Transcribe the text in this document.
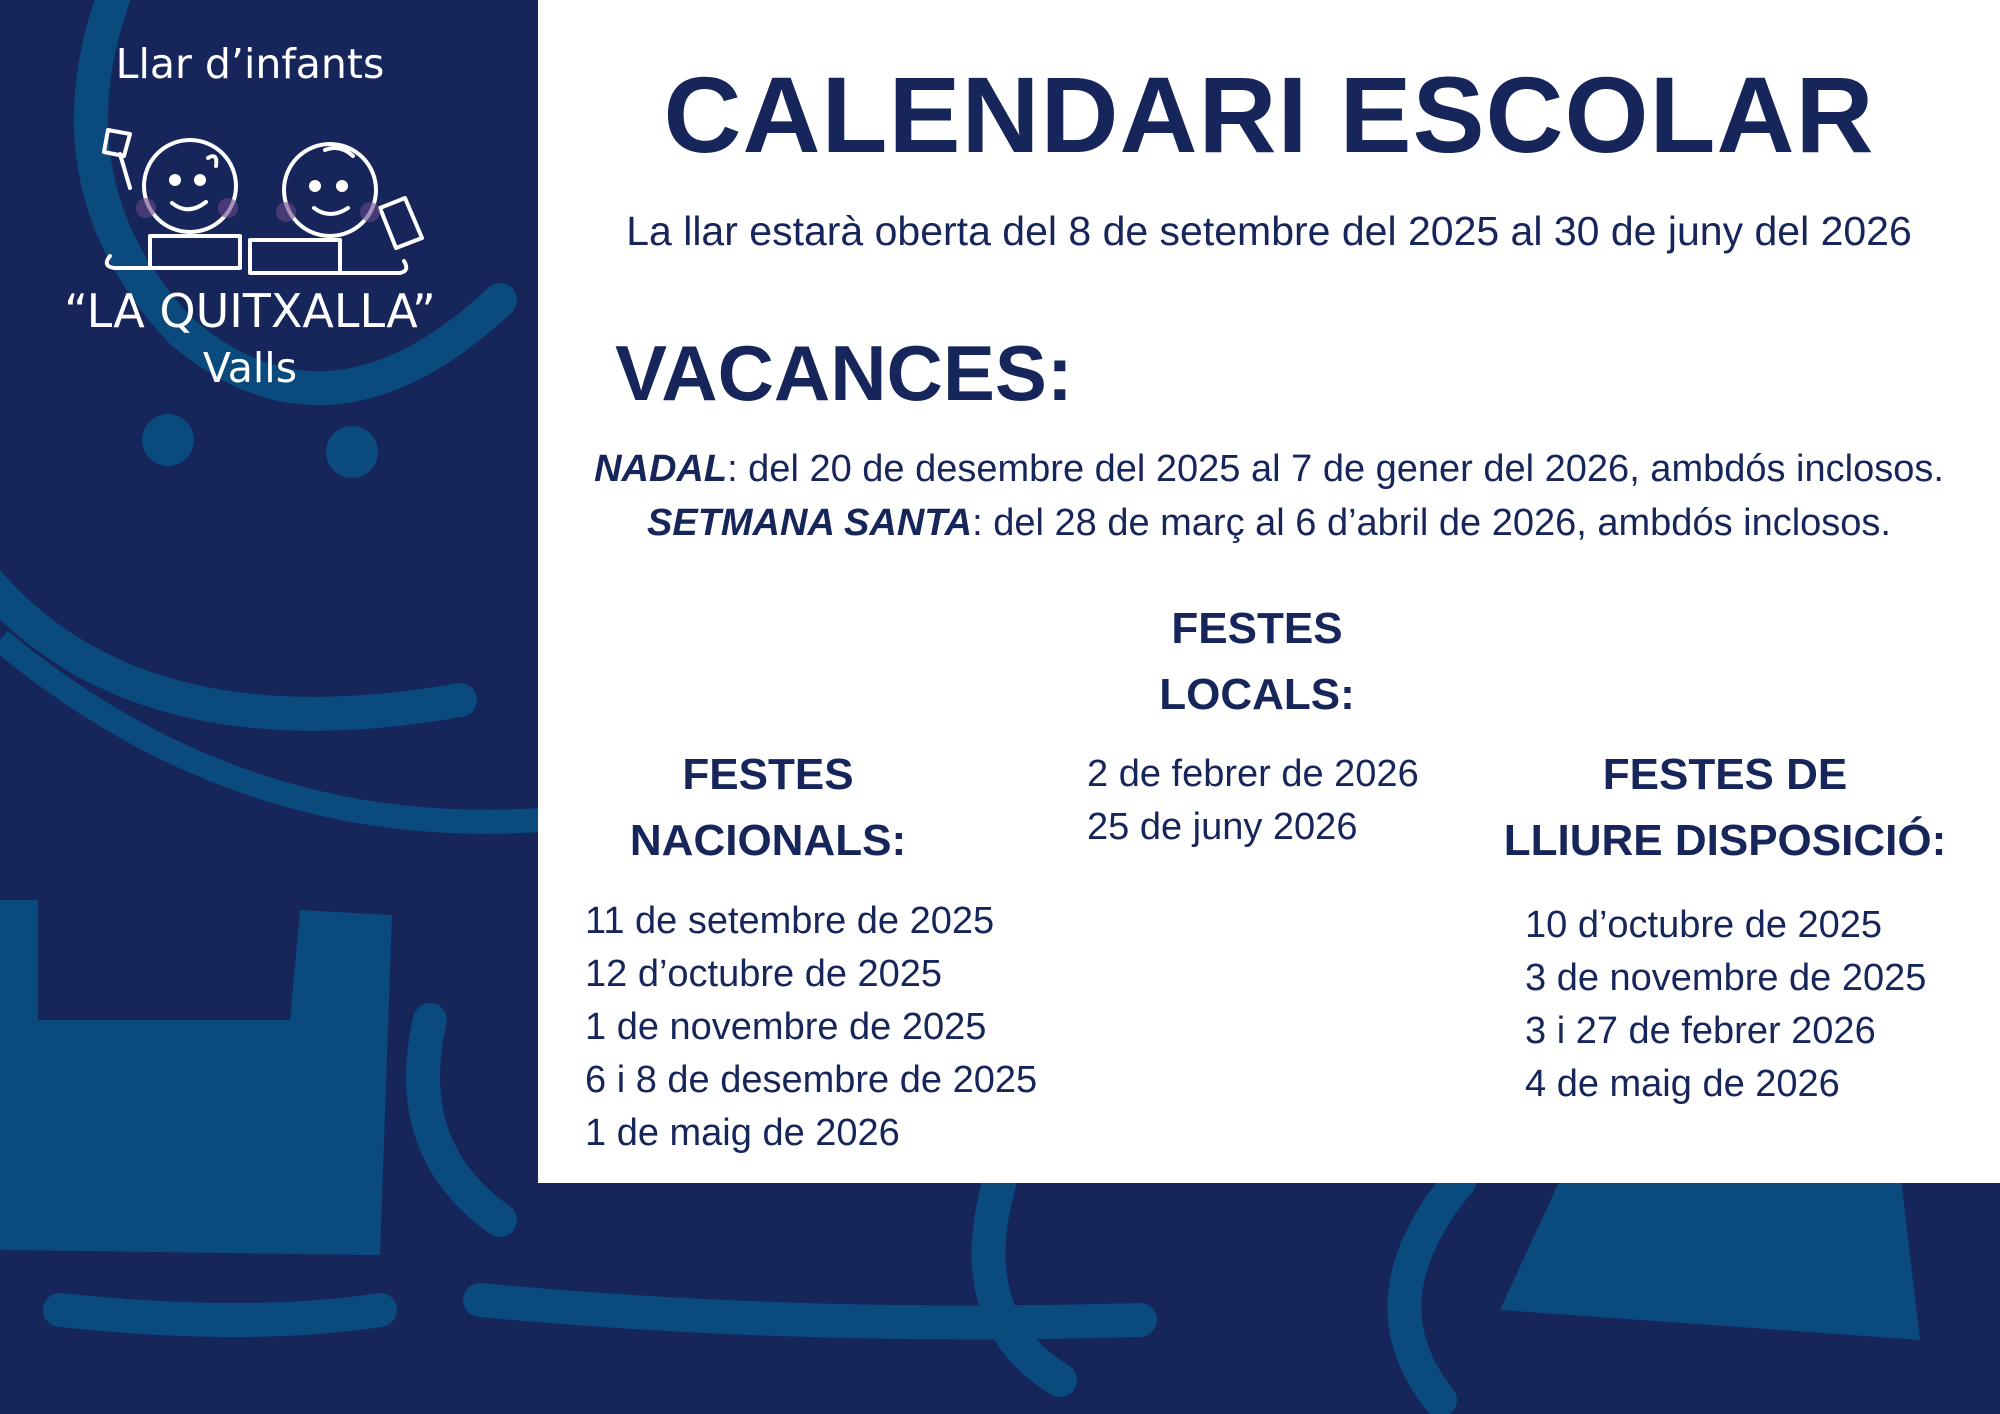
Llar d’infants
“LA QUITXALLA”
Valls
CALENDARI ESCOLAR
La llar estarà oberta del 8 de setembre del 2025 al 30 de juny del 2026
VACANCES:
NADAL: del 20 de desembre del 2025 al 7 de gener del 2026, ambdós inclosos.
SETMANA SANTA: del 28 de març al 6 d’abril de 2026, ambdós inclosos.
FESTES
LOCALS:
2 de febrer de 2026
25 de juny 2026
FESTES
NACIONALS:
11 de setembre de 2025
12 d’octubre de 2025
1 de novembre de 2025
6 i 8 de desembre de 2025
1 de maig de 2026
FESTES DE
LLIURE DISPOSICIÓ:
10 d’octubre de 2025
3 de novembre de 2025
3 i 27 de febrer 2026
4 de maig de 2026
